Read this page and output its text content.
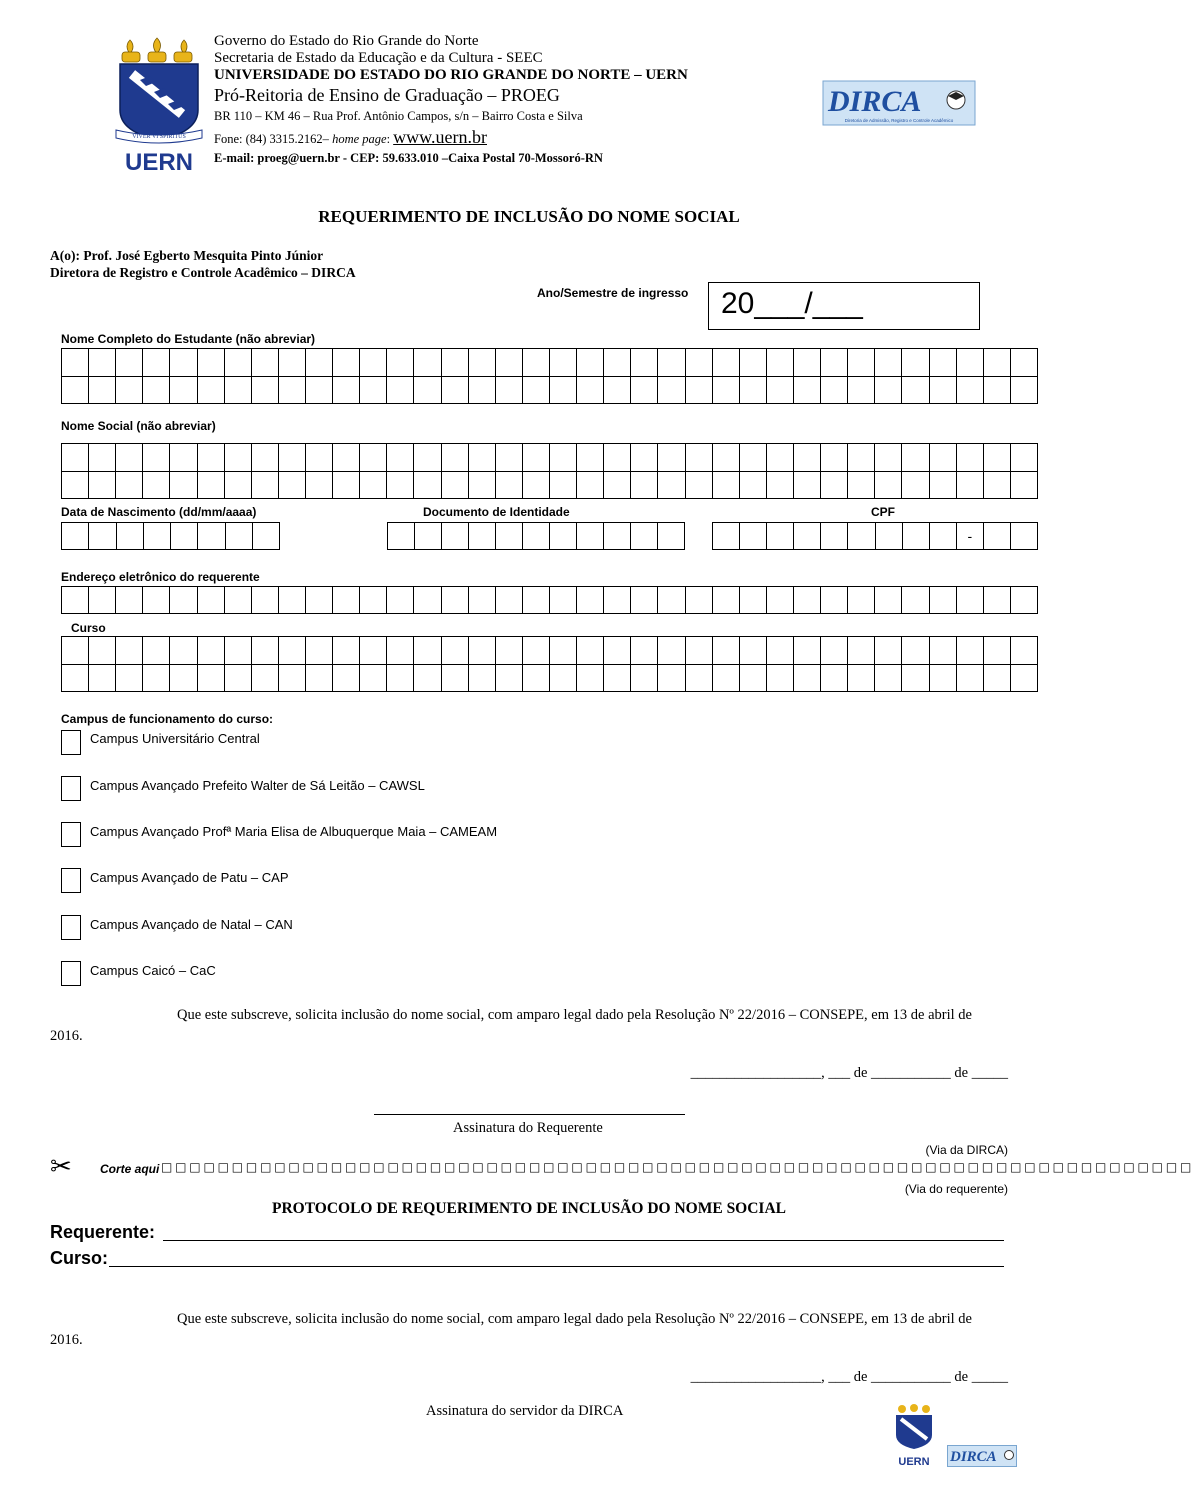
VIVER VI SPIRITUS
UERN
Governo do Estado do Rio Grande do Norte
Secretaria de Estado da Educação e da Cultura - SEEC
UNIVERSIDADE DO ESTADO DO RIO GRANDE DO NORTE – UERN
Pró-Reitoria de Ensino de Graduação – PROEG
BR 110 – KM 46 – Rua Prof. Antônio Campos, s/n – Bairro Costa e Silva
Fone: (84) 3315.2162– home page: www.uern.br
E-mail: proeg@uern.br - CEP: 59.633.010 –Caixa Postal 70-Mossoró-RN
DIRCA
Diretoria de Admissão, Registro e Controle Acadêmico
REQUERIMENTO DE INCLUSÃO DO NOME SOCIAL
A(o): Prof. José Egberto Mesquita Pinto Júnior
Diretora de Registro e Controle Acadêmico – DIRCA
Ano/Semestre de ingresso 20___/___
Nome Completo do Estudante (não abreviar)
Nome Social (não abreviar)
Data de Nascimento (dd/mm/aaaa)	Documento de Identidade	CPF
-
Endereço eletrônico do requerente
Curso
Campus de funcionamento do curso:
Campus Universitário Central
Campus Avançado Prefeito Walter de Sá Leitão – CAWSL
Campus Avançado Profª Maria Elisa de Albuquerque Maia – CAMEAM
Campus Avançado de Patu – CAP
Campus Avançado de Natal – CAN
Campus Caicó – CaC
Que este subscreve, solicita inclusão do nome social, com amparo legal dado pela Resolução Nº 22/2016 – CONSEPE, em 13 de abril de
2016.
__________________, ___ de ___________ de _____
Assinatura do Requerente
(Via da DIRCA)
✂ Corte aqui □ □ □ □ □ □ □ □ □ □ □ □ □ □ □ □ □ □ □ □ □ □ □ □ □ □ □ □ □ □ □ □ □ □ □ □ □ □ □ □ □ □ □ □ □ □ □ □ □ □ □ □ □ □ □ □ □ □ □ □ □ □ □ □ □ □ □ □ □ □ □ □ □
(Via do requerente)
PROTOCOLO DE REQUERIMENTO DE INCLUSÃO DO NOME SOCIAL
Requerente:
Curso:
Que este subscreve, solicita inclusão do nome social, com amparo legal dado pela Resolução Nº 22/2016 – CONSEPE, em 13 de abril de
2016.
__________________, ___ de ___________ de _____
Assinatura do servidor da DIRCA
UERN DIRCA
